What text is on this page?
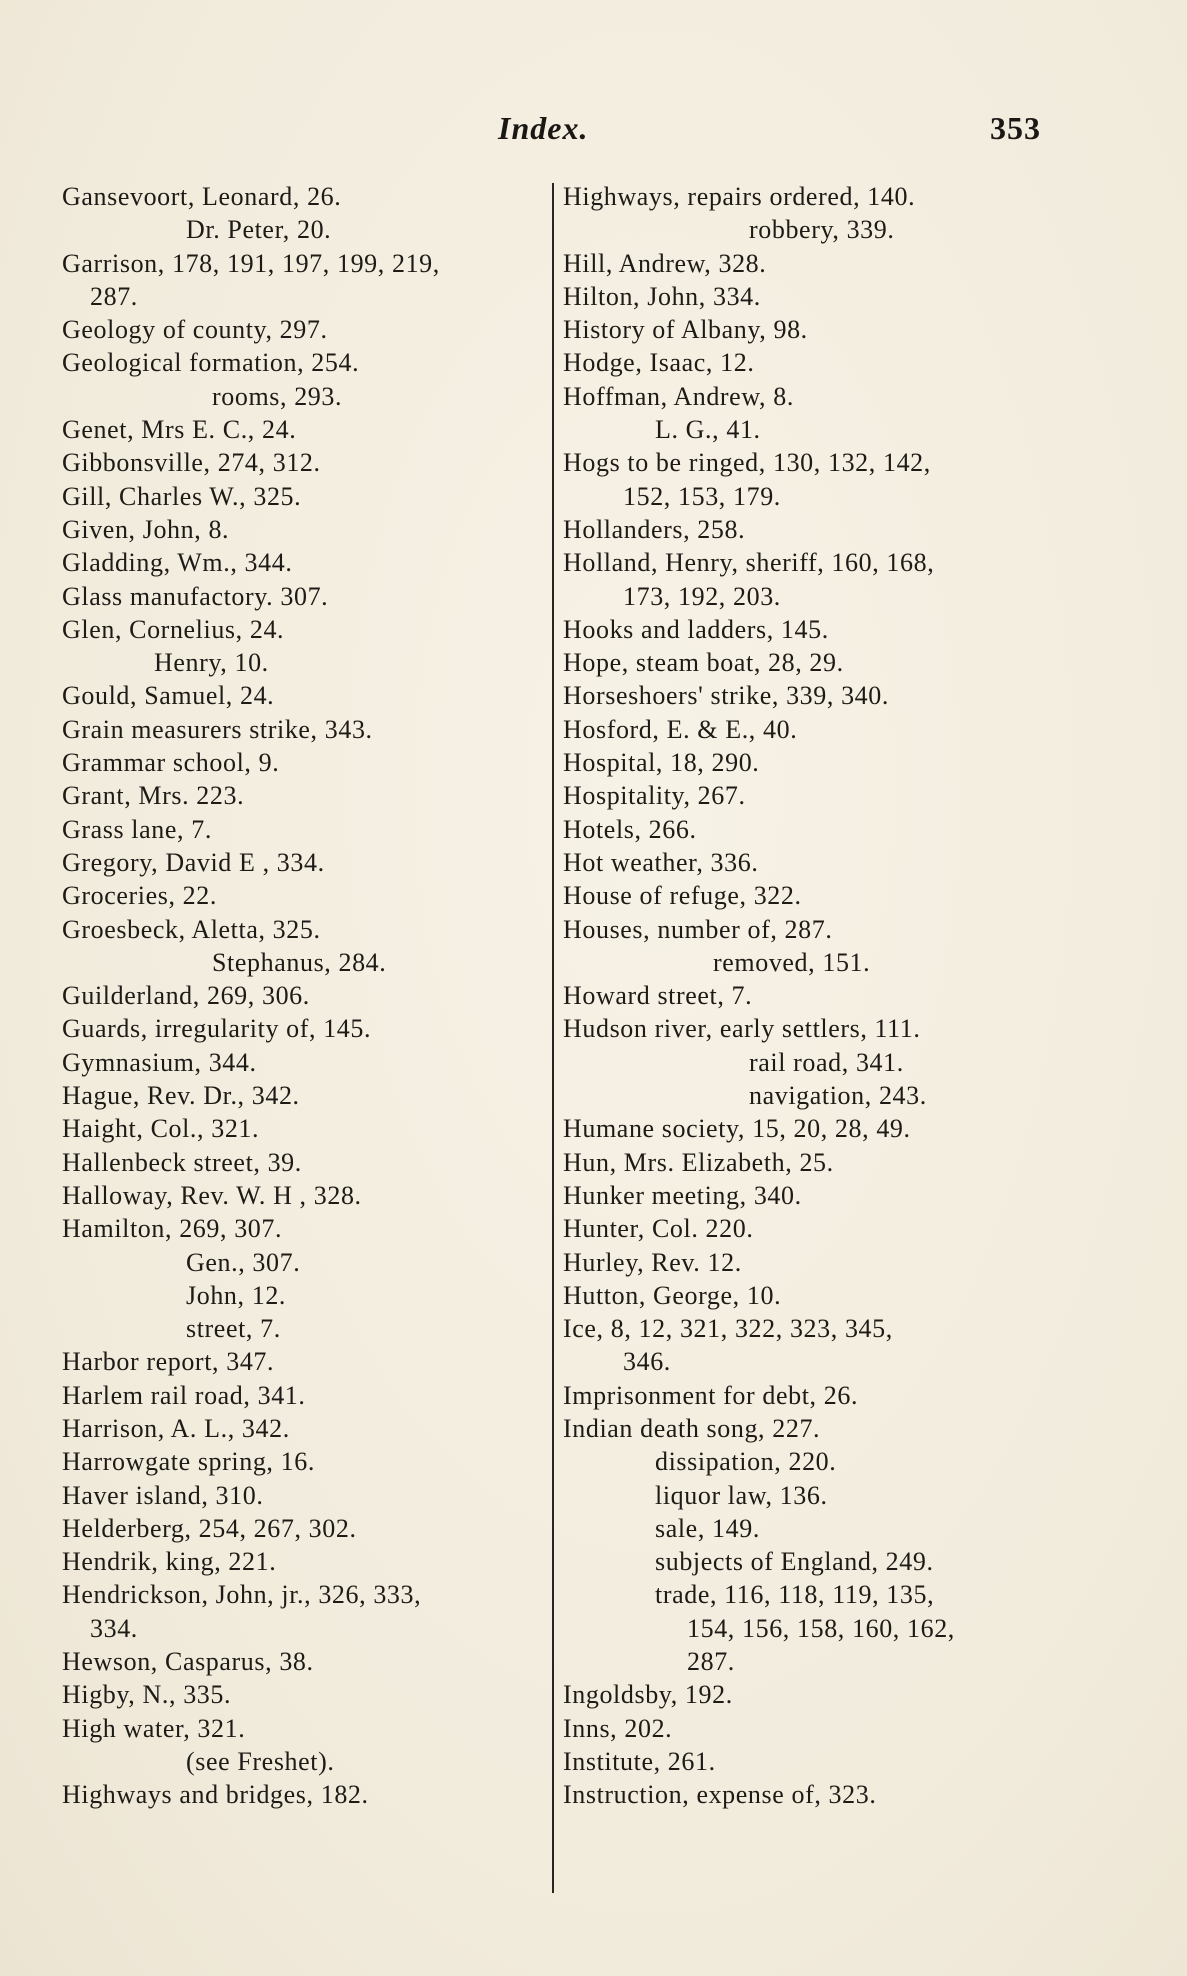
Index.	353
Gansevoort, Leonard, 26.
Dr. Peter, 20.
Garrison, 178, 191, 197, 199, 219,
287.
Geology of county, 297.
Geological formation, 254.
rooms, 293.
Genet, Mrs E. C., 24.
Gibbonsville, 274, 312.
Gill, Charles W., 325.
Given, John, 8.
Gladding, Wm., 344.
Glass manufactory. 307.
Glen, Cornelius, 24.
Henry, 10.
Gould, Samuel, 24.
Grain measurers strike, 343.
Grammar school, 9.
Grant, Mrs. 223.
Grass lane, 7.
Gregory, David E , 334.
Groceries, 22.
Groesbeck, Aletta, 325.
Stephanus, 284.
Guilderland, 269, 306.
Guards, irregularity of, 145.
Gymnasium, 344.
Hague, Rev. Dr., 342.
Haight, Col., 321.
Hallenbeck street, 39.
Halloway, Rev. W. H , 328.
Hamilton, 269, 307.
Gen., 307.
John, 12.
street, 7.
Harbor report, 347.
Harlem rail road, 341.
Harrison, A. L., 342.
Harrowgate spring, 16.
Haver island, 310.
Helderberg, 254, 267, 302.
Hendrik, king, 221.
Hendrickson, John, jr., 326, 333,
334.
Hewson, Casparus, 38.
Higby, N., 335.
High water, 321.
(see Freshet).
Highways and bridges, 182.
Highways, repairs ordered, 140.
robbery, 339.
Hill, Andrew, 328.
Hilton, John, 334.
History of Albany, 98.
Hodge, Isaac, 12.
Hoffman, Andrew, 8.
L. G., 41.
Hogs to be ringed, 130, 132, 142,
152, 153, 179.
Hollanders, 258.
Holland, Henry, sheriff, 160, 168,
173, 192, 203.
Hooks and ladders, 145.
Hope, steam boat, 28, 29.
Horseshoers' strike, 339, 340.
Hosford, E. & E., 40.
Hospital, 18, 290.
Hospitality, 267.
Hotels, 266.
Hot weather, 336.
House of refuge, 322.
Houses, number of, 287.
removed, 151.
Howard street, 7.
Hudson river, early settlers, 111.
rail road, 341.
navigation, 243.
Humane society, 15, 20, 28, 49.
Hun, Mrs. Elizabeth, 25.
Hunker meeting, 340.
Hunter, Col. 220.
Hurley, Rev. 12.
Hutton, George, 10.
Ice, 8, 12, 321, 322, 323, 345,
346.
Imprisonment for debt, 26.
Indian death song, 227.
dissipation, 220.
liquor law, 136.
sale, 149.
subjects of England, 249.
trade, 116, 118, 119, 135,
154, 156, 158, 160, 162,
287.
Ingoldsby, 192.
Inns, 202.
Institute, 261.
Instruction, expense of, 323.
